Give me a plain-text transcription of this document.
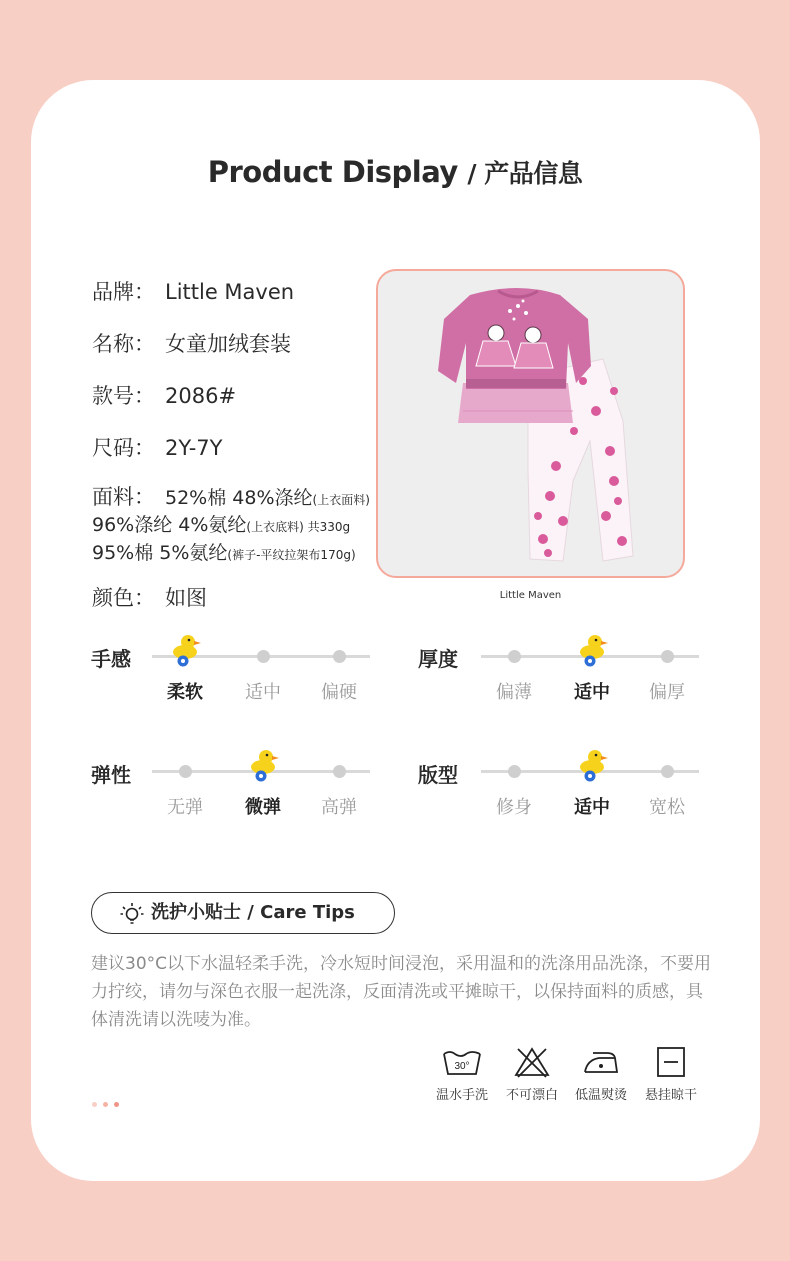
Product Display / 产品信息
品牌： Little Maven
名称： 女童加绒套装
款号： 2086#
尺码： 2Y-7Y
面料： 52%棉 48%涤纶(上衣面料)
96%涤纶 4%氨纶(上衣底料) 共330g
95%棉 5%氨纶(裤子-平纹拉架布170g)
颜色： 如图	Little Maven
手感
柔软	适中	偏硬
厚度
偏薄	适中	偏厚
弹性
无弹	微弹	高弹
版型
修身	适中	宽松
洗护小贴士 / Care Tips
建议30°C以下水温轻柔手洗，冷水短时间浸泡，采用温和的洗涤用品洗涤，不要用力拧绞，请勿与深色衣服一起洗涤，反面清洗或平摊晾干，以保持面料的质感，具体清洗请以洗唛为准。
30°
温水手洗	不可漂白	低温熨烫	悬挂晾干
